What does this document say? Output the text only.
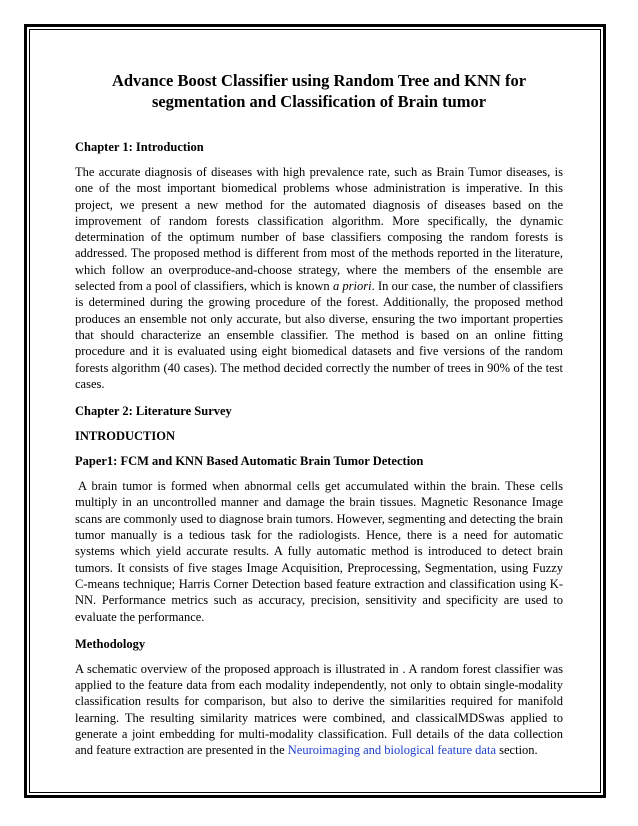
Advance Boost Classifier using Random Tree and KNN for segmentation and Classification of Brain tumor
Chapter 1: Introduction

The accurate diagnosis of diseases with high prevalence rate, such as Brain Tumor diseases, is one of the most important biomedical problems whose administration is imperative. In this project, we present a new method for the automated diagnosis of diseases based on the improvement of random forests classification algorithm. More specifically, the dynamic determination of the optimum number of base classifiers composing the random forests is addressed. The proposed method is different from most of the methods reported in the literature, which follow an overproduce-and-choose strategy, where the members of the ensemble are selected from a pool of classifiers, which is known a priori. In our case, the number of classifiers is determined during the growing procedure of the forest. Additionally, the proposed method produces an ensemble not only accurate, but also diverse, ensuring the two important properties that should characterize an ensemble classifier. The method is based on an online fitting procedure and it is evaluated using eight biomedical datasets and five versions of the random forests algorithm (40 cases). The method decided correctly the number of trees in 90% of the test cases.

Chapter 2: Literature Survey
INTRODUCTION
Paper1: FCM and KNN Based Automatic Brain Tumor Detection

A brain tumor is formed when abnormal cells get accumulated within the brain. These cells multiply in an uncontrolled manner and damage the brain tissues. Magnetic Resonance Image scans are commonly used to diagnose brain tumors. However, segmenting and detecting the brain tumor manually is a tedious task for the radiologists. Hence, there is a need for automatic systems which yield accurate results. A fully automatic method is introduced to detect brain tumors. It consists of five stages Image Acquisition, Preprocessing, Segmentation, using Fuzzy C-means technique; Harris Corner Detection based feature extraction and classification using K-NN. Performance metrics such as accuracy, precision, sensitivity and specificity are used to evaluate the performance.

Methodology

A schematic overview of the proposed approach is illustrated in . A random forest classifier was applied to the feature data from each modality independently, not only to obtain single-modality classification results for comparison, but also to derive the similarities required for manifold learning. The resulting similarity matrices were combined, and classicalMDSwas applied to generate a joint embedding for multi-modality classification. Full details of the data collection and feature extraction are presented in the Neuroimaging and biological feature data section.
